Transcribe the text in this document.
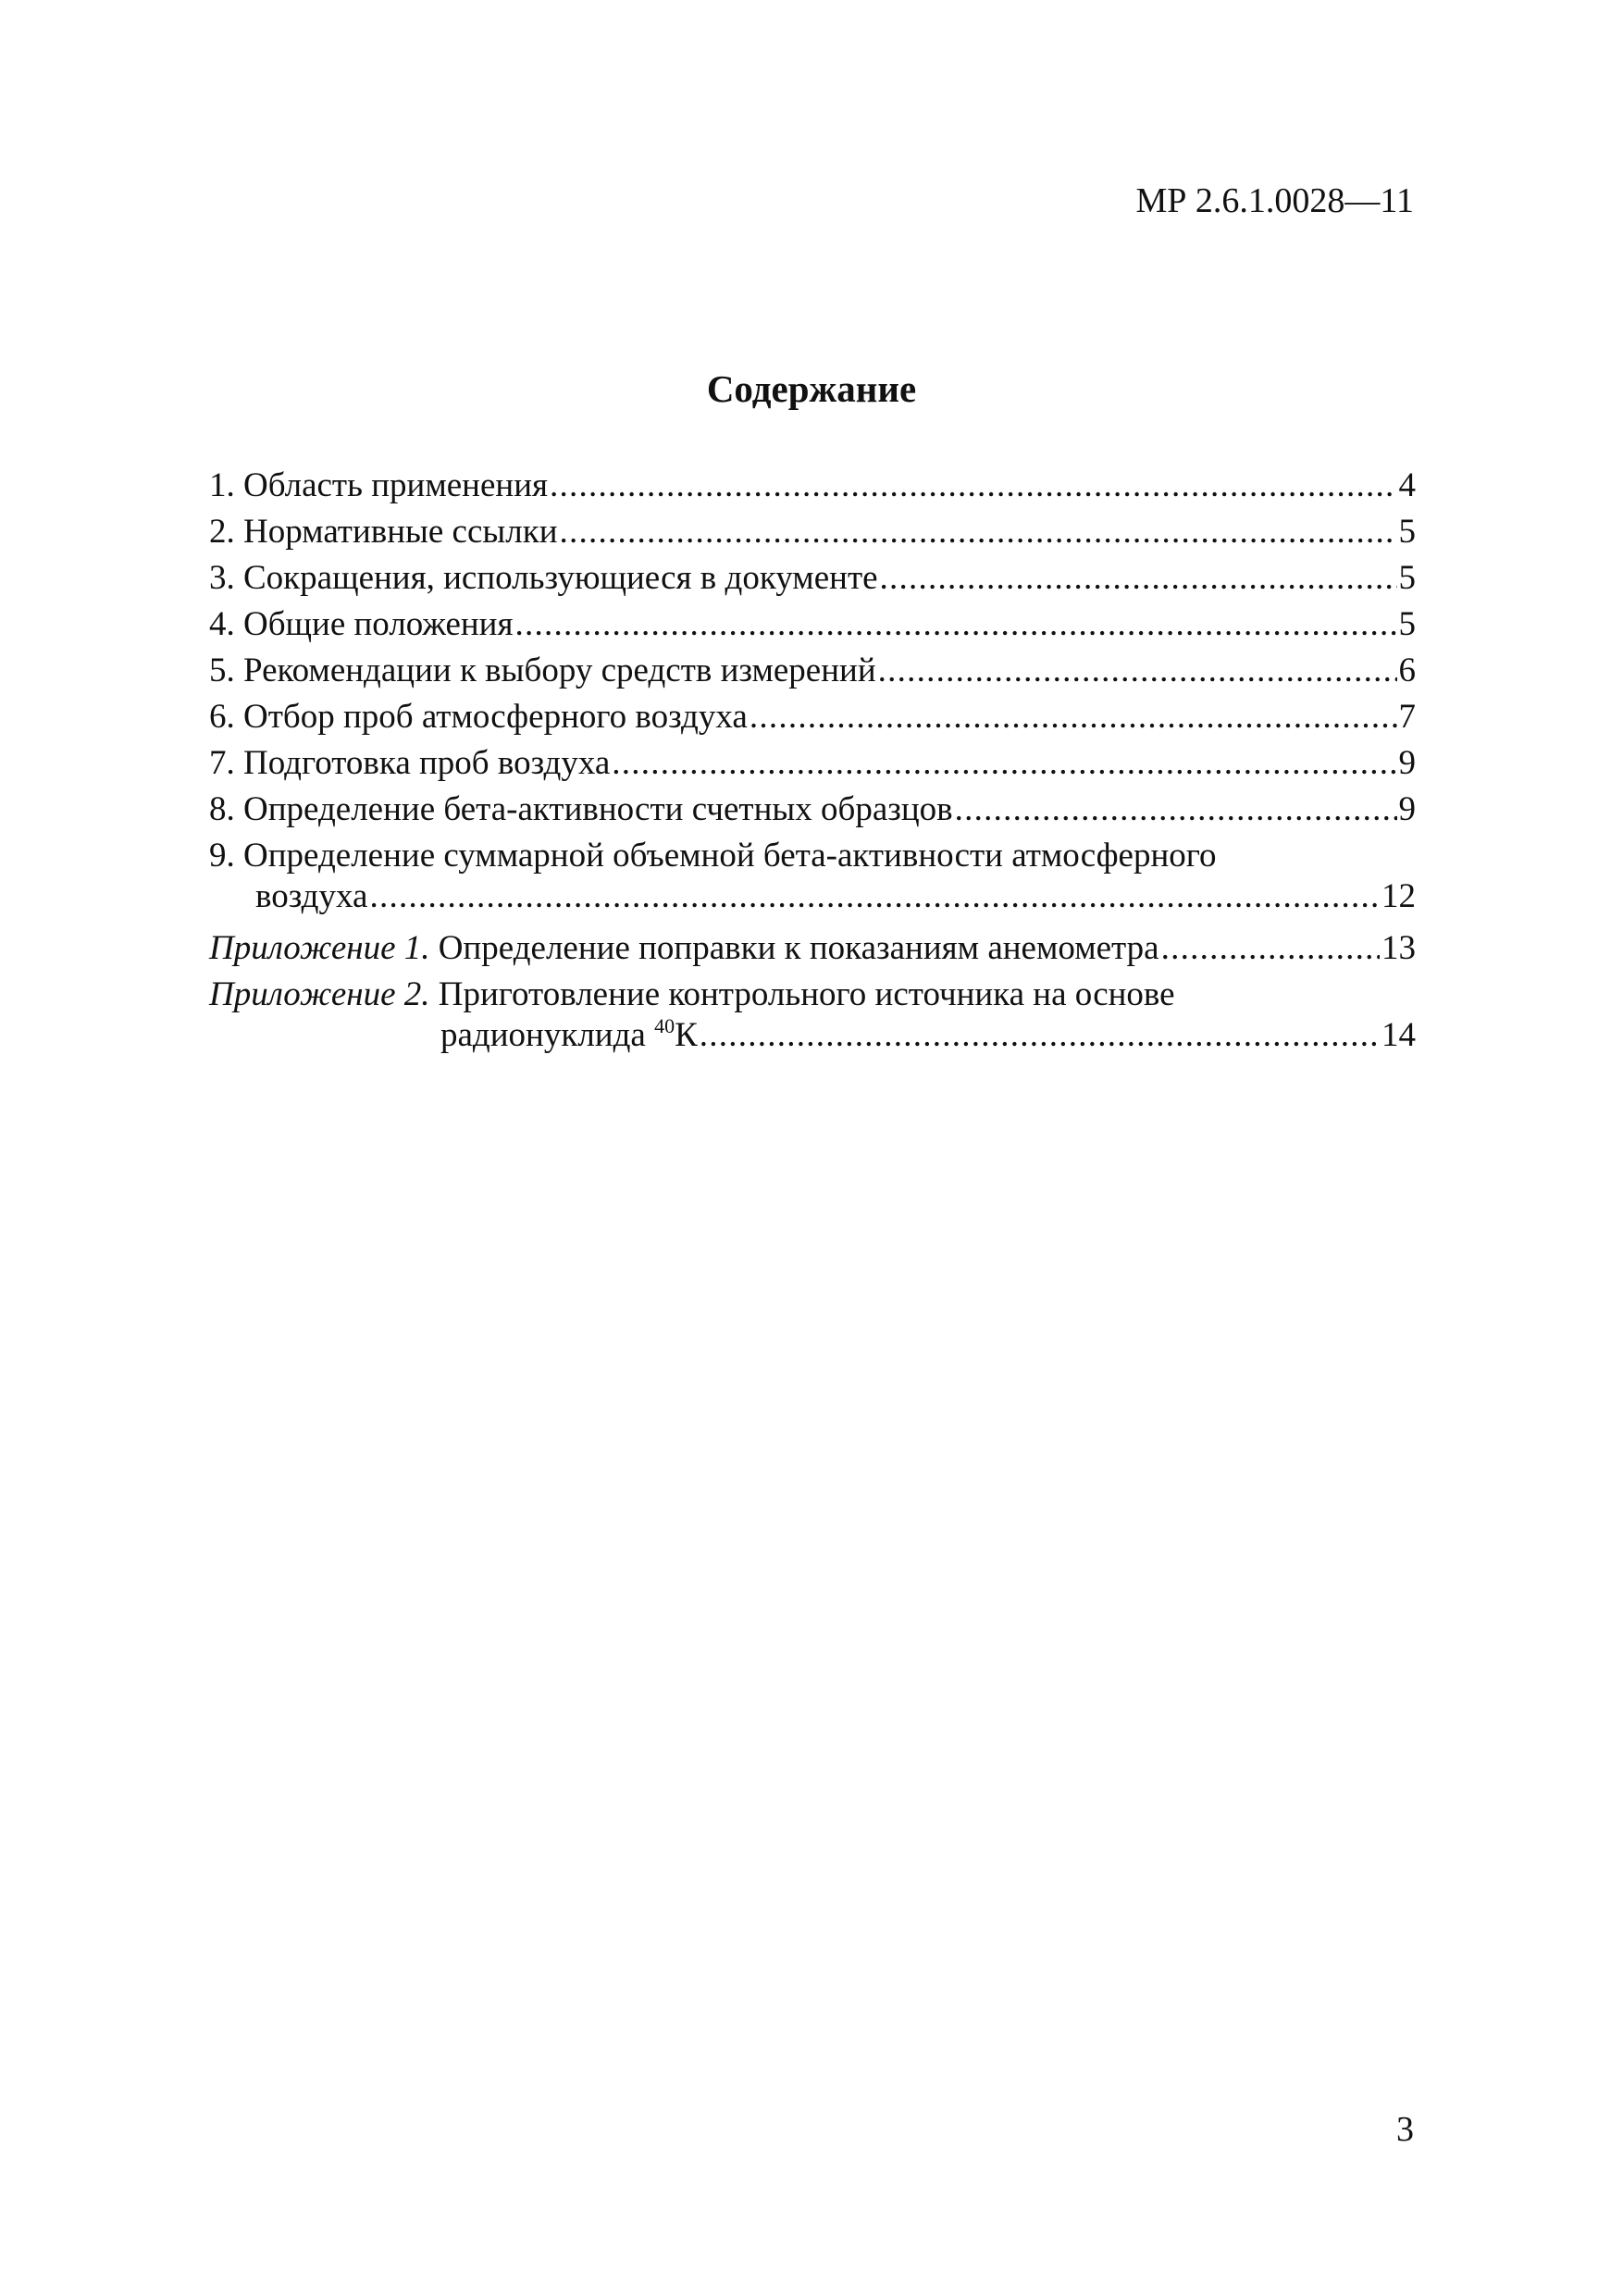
МР 2.6.1.0028—11
Содержание
1. Область применения . . .	4
2. Нормативные ссылки . . .	5
3. Сокращения, использующиеся в документе . . .	5
4. Общие положения . . .	5
5. Рекомендации к выбору средств измерений . . .	6
6. Отбор проб атмосферного воздуха . . .	7
7. Подготовка проб воздуха . . .	9
8. Определение бета-активности счетных образцов . . .	9
9. Определение суммарной объемной бета-активности атмосферного
воздуха . . .	12
Приложение 1. Определение поправки к показаниям анемометра . . .	13
Приложение 2. Приготовление контрольного источника на основе
радионуклида $^{40}$К . . .	14
3
